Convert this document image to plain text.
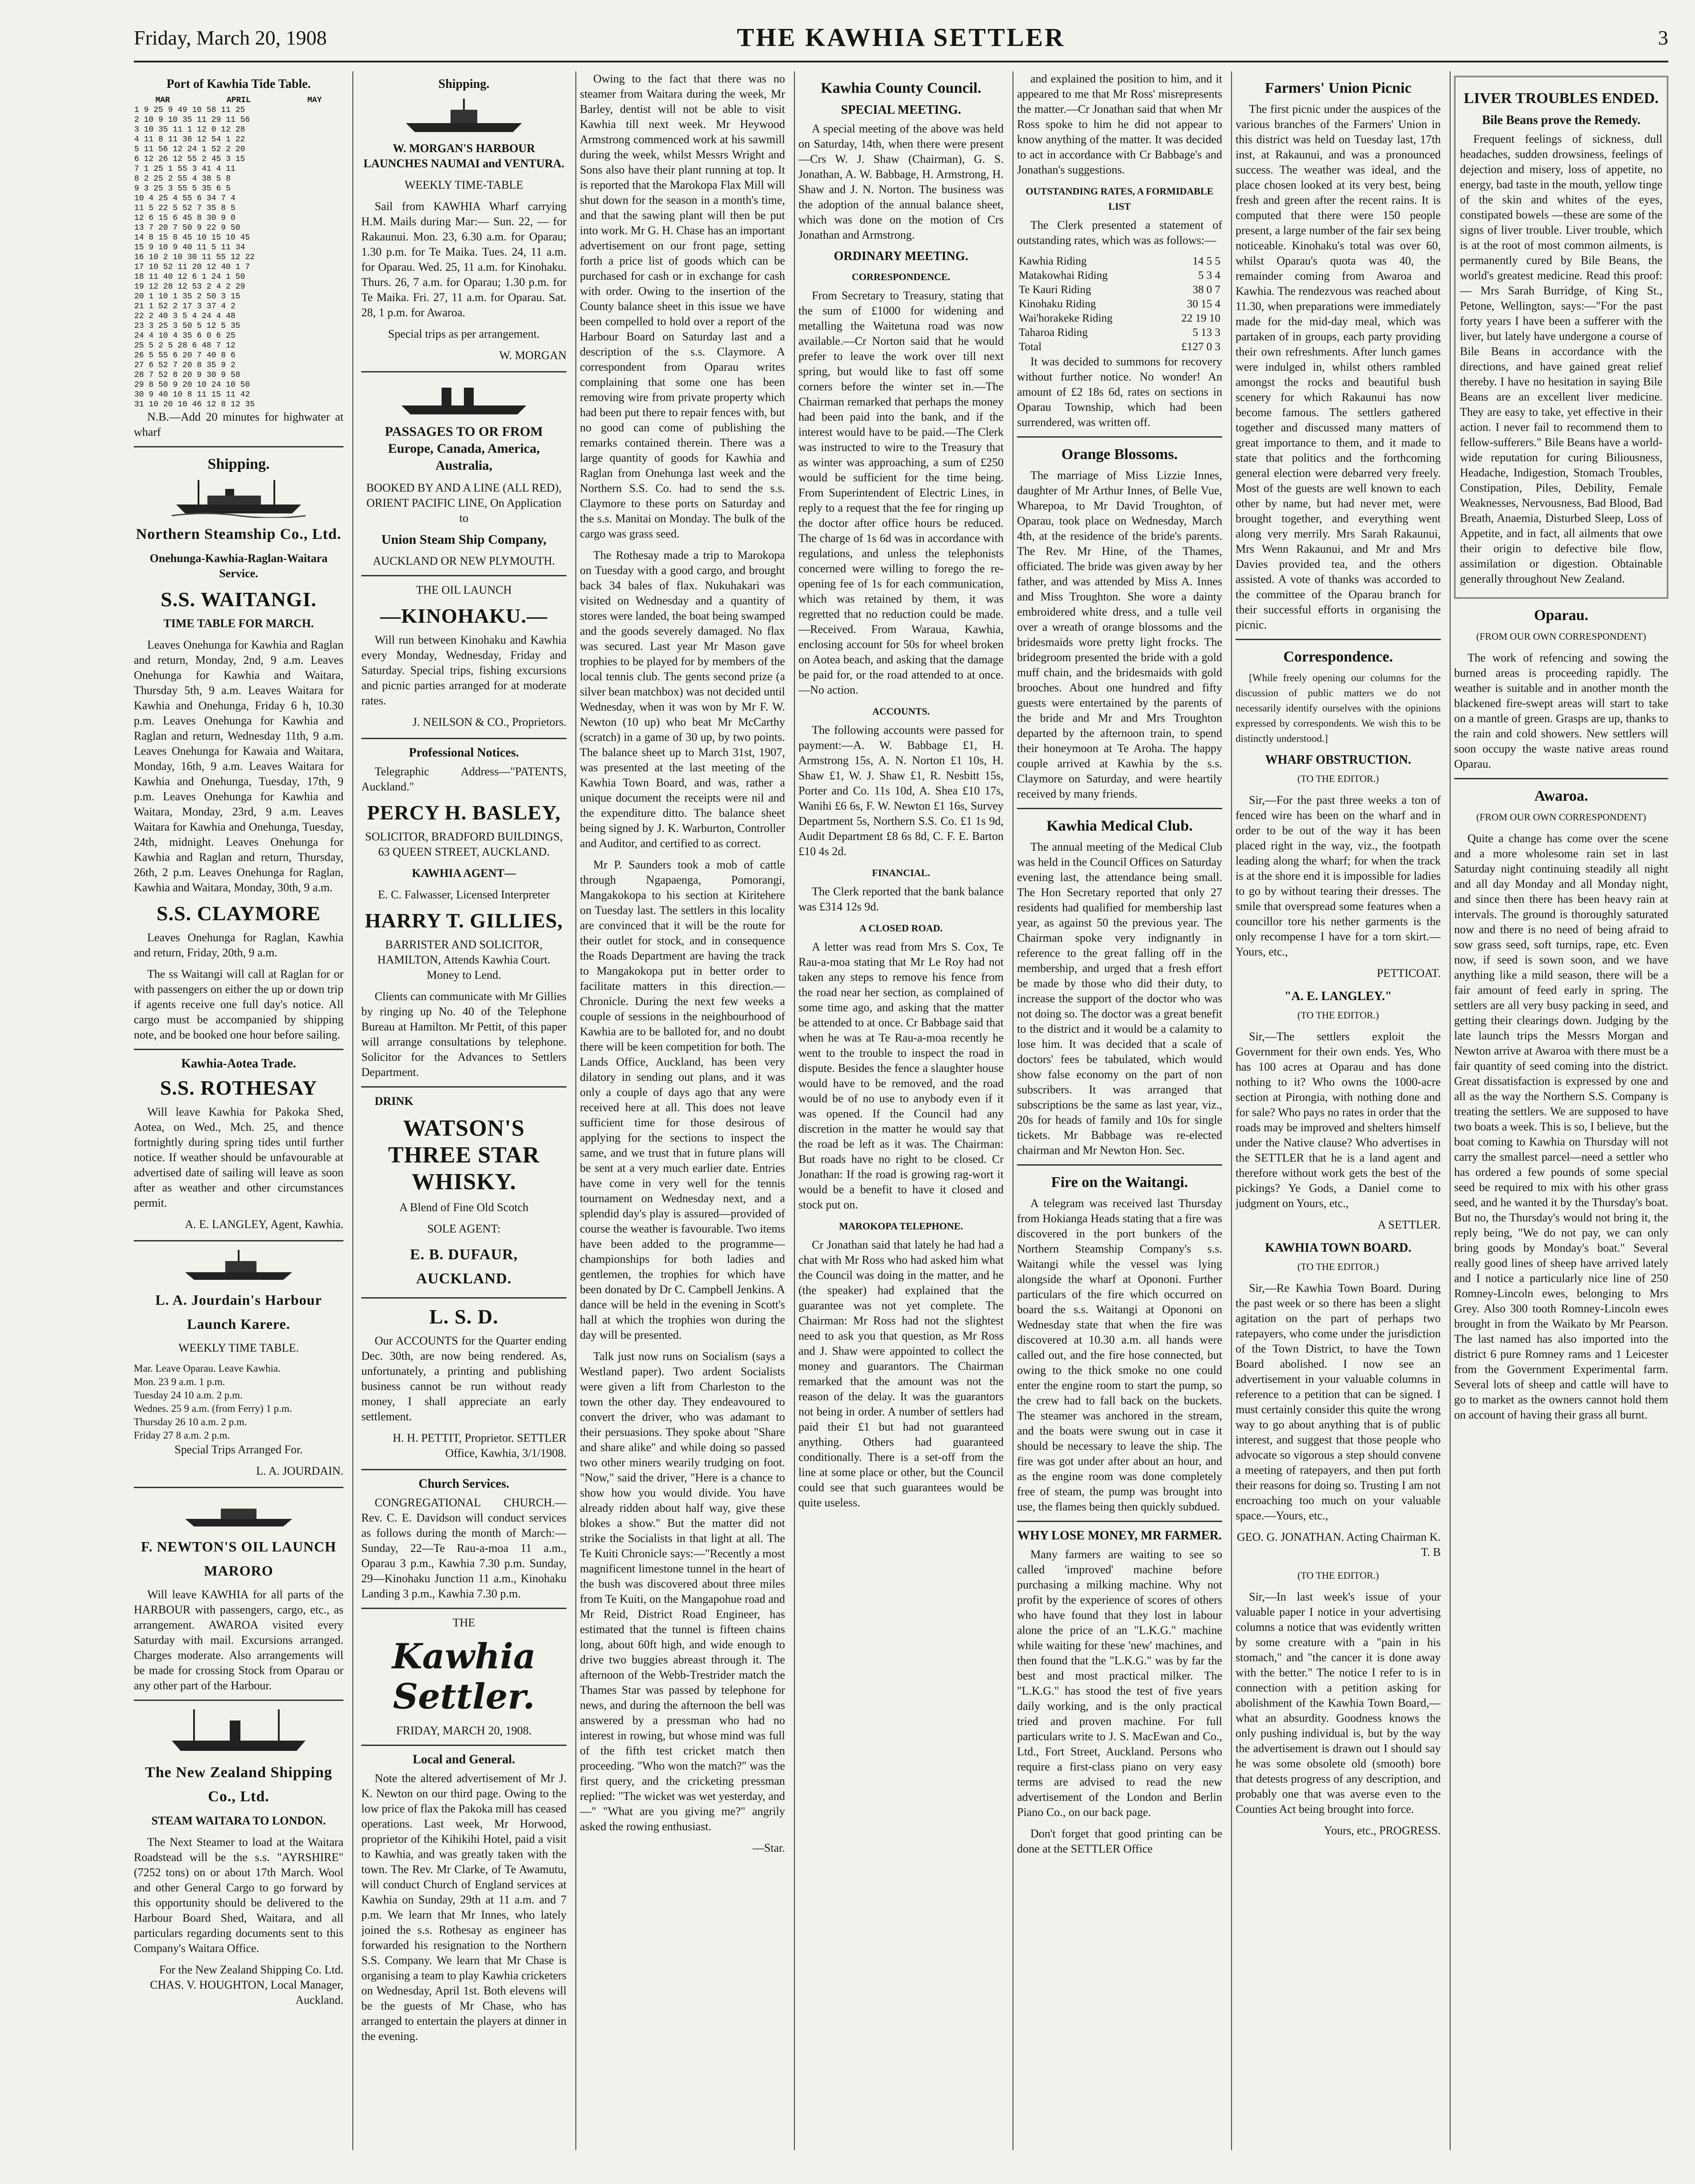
Friday, March 20, 1908	THE KAWHIA SETTLER	3
Port of Kawhia Tide Table.
MAR	APRIL	MAY
1 9 25 9 49 10 58 11 25
2 10 9 10 35 11 29 11 56
3 10 35 11 1 12 0 12 28
4 11 8 11 36 12 54 1 22
5 11 56 12 24 1 52 2 20
6 12 26 12 55 2 45 3 15
7 1 25 1 55 3 41 4 11
8 2 25 2 55 4 38 5 8
9 3 25 3 55 5 35 6 5
10 4 25 4 55 6 34 7 4
11 5 22 5 52 7 35 8 5
12 6 15 6 45 8 30 9 0
13 7 20 7 50 9 22 9 50
14 8 15 8 45 10 15 10 45
15 9 10 9 40 11 5 11 34
16 10 2 10 30 11 55 12 22
17 10 52 11 20 12 40 1 7
18 11 40 12 6 1 24 1 50
19 12 28 12 53 2 4 2 29
20 1 10 1 35 2 50 3 15
21 1 52 2 17 3 37 4 2
22 2 40 3 5 4 24 4 48
23 3 25 3 50 5 12 5 35
24 4 10 4 35 6 0 6 25
25 5 2 5 28 6 48 7 12
26 5 55 6 20 7 40 8 6
27 6 52 7 20 8 35 9 2
28 7 52 8 20 9 30 9 58
29 8 50 9 20 10 24 10 50
30 9 40 10 8 11 15 11 42
31 10 20 10 46 12 8 12 35
N.B.—Add 20 minutes for highwater at wharf
Shipping.
Northern Steamship Co., Ltd.
Onehunga-Kawhia-Raglan-Waitara Service.
S.S. WAITANGI.
TIME TABLE FOR MARCH.
Leaves Onehunga for Kawhia and Raglan and return, Monday, 2nd, 9 a.m. Leaves Onehunga for Kawhia and Waitara, Thursday 5th, 9 a.m. Leaves Waitara for Kawhia and Onehunga, Friday 6 h, 10.30 p.m. Leaves Onehunga for Kawhia and Raglan and return, Wednesday 11th, 9 a.m. Leaves Onehunga for Kawaia and Waitara, Monday, 16th, 9 a.m. Leaves Waitara for Kawhia and Onehunga, Tuesday, 17th, 9 p.m. Leaves Onehunga for Kawhia and Waitara, Monday, 23rd, 9 a.m. Leaves Waitara for Kawhia and Onehunga, Tuesday, 24th, midnight. Leaves Onehunga for Kawhia and Raglan and return, Thursday, 26th, 2 p.m. Leaves Onehunga for Raglan, Kawhia and Waitara, Monday, 30th, 9 a.m.
S.S. CLAYMORE
Leaves Onehunga for Raglan, Kawhia and return, Friday, 20th, 9 a.m.
The ss Waitangi will call at Raglan for or with passengers on either the up or down trip if agents receive one full day's notice. All cargo must be accompanied by shipping note, and be booked one hour before sailing.
Kawhia-Aotea Trade.
S.S. ROTHESAY
Will leave Kawhia for Pakoka Shed, Aotea, on Wed., Mch. 25, and thence fortnightly during spring tides until further notice. If weather should be unfavourable at advertised date of sailing will leave as soon after as weather and other circumstances permit.
A. E. LANGLEY, Agent, Kawhia.
L. A. Jourdain's Harbour Launch Karere.
WEEKLY TIME TABLE.
Mar. Leave Oparau. Leave Kawhia.
Mon. 23 9 a.m. 1 p.m.
Tuesday 24 10 a.m. 2 p.m.
Wednes. 25 9 a.m. (from Ferry) 1 p.m.
Thursday 26 10 a.m. 2 p.m.
Friday 27 8 a.m. 2 p.m.
Special Trips Arranged For.
L. A. JOURDAIN.
F. NEWTON'S OIL LAUNCH MARORO
Will leave KAWHIA for all parts of the HARBOUR with passengers, cargo, etc., as arrangement. AWAROA visited every Saturday with mail. Excursions arranged. Charges moderate. Also arrangements will be made for crossing Stock from Oparau or any other part of the Harbour.
The New Zealand Shipping Co., Ltd.
STEAM WAITARA TO LONDON.
The Next Steamer to load at the Waitara Roadstead will be the s.s. "AYRSHIRE" (7252 tons) on or about 17th March. Wool and other General Cargo to go forward by this opportunity should be delivered to the Harbour Board Shed, Waitara, and all particulars regarding documents sent to this Company's Waitara Office.
For the New Zealand Shipping Co. Ltd. CHAS. V. HOUGHTON, Local Manager, Auckland.
Shipping.
W. MORGAN'S HARBOUR LAUNCHES NAUMAI and VENTURA.
WEEKLY TIME-TABLE
Sail from KAWHIA Wharf carrying H.M. Mails during Mar:— Sun. 22, — for Rakaunui. Mon. 23, 6.30 a.m. for Oparau; 1.30 p.m. for Te Maika. Tues. 24, 11 a.m. for Oparau. Wed. 25, 11 a.m. for Kinohaku. Thurs. 26, 7 a.m. for Oparau; 1.30 p.m. for Te Maika. Fri. 27, 11 a.m. for Oparau. Sat. 28, 1 p.m. for Awaroa.
Special trips as per arrangement.
W. MORGAN
PASSAGES TO OR FROM Europe, Canada, America, Australia,
BOOKED BY AND A LINE (ALL RED), ORIENT PACIFIC LINE, On Application to
Union Steam Ship Company,
AUCKLAND OR NEW PLYMOUTH.
THE OIL LAUNCH
—KINOHAKU.—
Will run between Kinohaku and Kawhia every Monday, Wednesday, Friday and Saturday. Special trips, fishing excursions and picnic parties arranged for at moderate rates.
J. NEILSON & CO., Proprietors.
Professional Notices.
Telegraphic Address—"PATENTS, Auckland."
PERCY H. BASLEY,
SOLICITOR, BRADFORD BUILDINGS, 63 QUEEN STREET, AUCKLAND.
KAWHIA AGENT—
E. C. Falwasser, Licensed Interpreter
HARRY T. GILLIES,
BARRISTER AND SOLICITOR, HAMILTON, Attends Kawhia Court. Money to Lend.
Clients can communicate with Mr Gillies by ringing up No. 40 of the Telephone Bureau at Hamilton. Mr Pettit, of this paper will arrange consultations by telephone. Solicitor for the Advances to Settlers Department.
DRINK
WATSON'S THREE STAR WHISKY.
A Blend of Fine Old Scotch
SOLE AGENT:
E. B. DUFAUR, AUCKLAND.
L. S. D.
Our ACCOUNTS for the Quarter ending Dec. 30th, are now being rendered. As, unfortunately, a printing and publishing business cannot be run without ready money, I shall appreciate an early settlement.
H. H. PETTIT, Proprietor. SETTLER Office, Kawhia, 3/1/1908.
Church Services.
CONGREGATIONAL CHURCH.—Rev. C. E. Davidson will conduct services as follows during the month of March:— Sunday, 22—Te Rau-a-moa 11 a.m., Oparau 3 p.m., Kawhia 7.30 p.m. Sunday, 29—Kinohaku Junction 11 a.m., Kinohaku Landing 3 p.m., Kawhia 7.30 p.m.
THE
Kawhia Settler.
FRIDAY, MARCH 20, 1908.
Local and General.
Note the altered advertisement of Mr J. K. Newton on our third page. Owing to the low price of flax the Pakoka mill has ceased operations. Last week, Mr Horwood, proprietor of the Kihikihi Hotel, paid a visit to Kawhia, and was greatly taken with the town. The Rev. Mr Clarke, of Te Awamutu, will conduct Church of England services at Kawhia on Sunday, 29th at 11 a.m. and 7 p.m. We learn that Mr Innes, who lately joined the s.s. Rothesay as engineer has forwarded his resignation to the Northern S.S. Company. We learn that Mr Chase is organising a team to play Kawhia cricketers on Wednesday, April 1st. Both elevens will be the guests of Mr Chase, who has arranged to entertain the players at dinner in the evening.
Owing to the fact that there was no steamer from Waitara during the week, Mr Barley, dentist will not be able to visit Kawhia till next week. Mr Heywood Armstrong commenced work at his sawmill during the week, whilst Messrs Wright and Sons also have their plant running at top. It is reported that the Marokopa Flax Mill will shut down for the season in a month's time, and that the sawing plant will then be put into work. Mr G. H. Chase has an important advertisement on our front page, setting forth a price list of goods which can be purchased for cash or in exchange for cash with order. Owing to the insertion of the County balance sheet in this issue we have been compelled to hold over a report of the Harbour Board on Saturday last and a description of the s.s. Claymore. A correspondent from Oparau writes complaining that some one has been removing wire from private property which had been put there to repair fences with, but no good can come of publishing the remarks contained therein. There was a large quantity of goods for Kawhia and Raglan from Onehunga last week and the Northern S.S. Co. had to send the s.s. Claymore to these ports on Saturday and the s.s. Manitai on Monday. The bulk of the cargo was grass seed.
The Rothesay made a trip to Marokopa on Tuesday with a good cargo, and brought back 34 bales of flax. Nukuhakari was visited on Wednesday and a quantity of stores were landed, the boat being swamped and the goods severely damaged. No flax was secured. Last year Mr Mason gave trophies to be played for by members of the local tennis club. The gents second prize (a silver bean matchbox) was not decided until Wednesday, when it was won by Mr F. W. Newton (10 up) who beat Mr McCarthy (scratch) in a game of 30 up, by two points. The balance sheet up to March 31st, 1907, was presented at the last meeting of the Kawhia Town Board, and was, rather a unique document the receipts were nil and the expenditure ditto. The balance sheet being signed by J. K. Warburton, Controller and Auditor, and certified to as correct.
Mr P. Saunders took a mob of cattle through Ngapaenga, Pomorangi, Mangakokopa to his section at Kiritehere on Tuesday last. The settlers in this locality are convinced that it will be the route for their outlet for stock, and in consequence the Roads Department are having the track to Mangakokopa put in better order to facilitate matters in this direction.—Chronicle. During the next few weeks a couple of sessions in the neighbourhood of Kawhia are to be balloted for, and no doubt there will be keen competition for both. The Lands Office, Auckland, has been very dilatory in sending out plans, and it was only a couple of days ago that any were received here at all. This does not leave sufficient time for those desirous of applying for the sections to inspect the same, and we trust that in future plans will be sent at a very much earlier date. Entries have come in very well for the tennis tournament on Wednesday next, and a splendid day's play is assured—provided of course the weather is favourable. Two items have been added to the programme—championships for both ladies and gentlemen, the trophies for which have been donated by Dr C. Campbell Jenkins. A dance will be held in the evening in Scott's hall at which the trophies won during the day will be presented.
Talk just now runs on Socialism (says a Westland paper). Two ardent Socialists were given a lift from Charleston to the town the other day. They endeavoured to convert the driver, who was adamant to their persuasions. They spoke about "Share and share alike" and while doing so passed two other miners wearily trudging on foot. "Now," said the driver, "Here is a chance to show how you would divide. You have already ridden about half way, give these blokes a show." But the matter did not strike the Socialists in that light at all. The Te Kuiti Chronicle says:—"Recently a most magnificent limestone tunnel in the heart of the bush was discovered about three miles from Te Kuiti, on the Mangapohue road and Mr Reid, District Road Engineer, has estimated that the tunnel is fifteen chains long, about 60ft high, and wide enough to drive two buggies abreast through it. The afternoon of the Webb-Trestrider match the Thames Star was passed by telephone for news, and during the afternoon the bell was answered by a pressman who had no interest in rowing, but whose mind was full of the fifth test cricket match then proceeding. "Who won the match?" was the first query, and the cricketing pressman replied: "The wicket was wet yesterday, and—" "What are you giving me?" angrily asked the rowing enthusiast.
—Star.
Kawhia County Council.
SPECIAL MEETING.
A special meeting of the above was held on Saturday, 14th, when there were present—Crs W. J. Shaw (Chairman), G. S. Jonathan, A. W. Babbage, H. Armstrong, H. Shaw and J. N. Norton. The business was the adoption of the annual balance sheet, which was done on the motion of Crs Jonathan and Armstrong.
ORDINARY MEETING.
CORRESPONDENCE.
From Secretary to Treasury, stating that the sum of £1000 for widening and metalling the Waitetuna road was now available.—Cr Norton said that he would prefer to leave the work over till next spring, but would like to fast off some corners before the winter set in.—The Chairman remarked that perhaps the money had been paid into the bank, and if the interest would have to be paid.—The Clerk was instructed to wire to the Treasury that as winter was approaching, a sum of £250 would be sufficient for the time being. From Superintendent of Electric Lines, in reply to a request that the fee for ringing up the doctor after office hours be reduced. The charge of 1s 6d was in accordance with regulations, and unless the telephonists concerned were willing to forego the re-opening fee of 1s for each communication, which was retained by them, it was regretted that no reduction could be made.—Received. From Waraua, Kawhia, enclosing account for 50s for wheel broken on Aotea beach, and asking that the damage be paid for, or the road attended to at once.—No action.
ACCOUNTS.
The following accounts were passed for payment:—A. W. Babbage £1, H. Armstrong 15s, A. N. Norton £1 10s, H. Shaw £1, W. J. Shaw £1, R. Nesbitt 15s, Porter and Co. 11s 10d, A. Shea £10 17s, Wanihi £6 6s, F. W. Newton £1 16s, Survey Department 5s, Northern S.S. Co. £1 1s 9d, Audit Department £8 6s 8d, C. F. E. Barton £10 4s 2d.
FINANCIAL.
The Clerk reported that the bank balance was £314 12s 9d.
A CLOSED ROAD.
A letter was read from Mrs S. Cox, Te Rau-a-moa stating that Mr Le Roy had not taken any steps to remove his fence from the road near her section, as complained of some time ago, and asking that the matter be attended to at once. Cr Babbage said that when he was at Te Rau-a-moa recently he went to the trouble to inspect the road in dispute. Besides the fence a slaughter house would have to be removed, and the road would be of no use to anybody even if it was opened. If the Council had any discretion in the matter he would say that the road be left as it was. The Chairman: But roads have no right to be closed. Cr Jonathan: If the road is growing rag-wort it would be a benefit to have it closed and stock put on.
MAROKOPA TELEPHONE.
Cr Jonathan said that lately he had had a chat with Mr Ross who had asked him what the Council was doing in the matter, and he (the speaker) had explained that the guarantee was not yet complete. The Chairman: Mr Ross had not the slightest need to ask you that question, as Mr Ross and J. Shaw were appointed to collect the money and guarantors. The Chairman remarked that the amount was not the reason of the delay. It was the guarantors not being in order. A number of settlers had paid their £1 but had not guaranteed anything. Others had guaranteed conditionally. There is a set-off from the line at some place or other, but the Council could see that such guarantees would be quite useless.
and explained the position to him, and it appeared to me that Mr Ross' misrepresents the matter.—Cr Jonathan said that when Mr Ross spoke to him he did not appear to know anything of the matter. It was decided to act in accordance with Cr Babbage's and Jonathan's suggestions.
OUTSTANDING RATES, A FORMIDABLE LIST
The Clerk presented a statement of outstanding rates, which was as follows:—
Kawhia Riding	14 5 5
Matakowhai Riding	5 3 4
Te Kauri Riding	38 0 7
Kinohaku Riding	30 15 4
Wai'horakeke Riding	22 19 10
Taharoa Riding	5 13 3
Total	£127 0 3
It was decided to summons for recovery without further notice. No wonder! An amount of £2 18s 6d, rates on sections in Oparau Township, which had been surrendered, was written off.
Orange Blossoms.
The marriage of Miss Lizzie Innes, daughter of Mr Arthur Innes, of Belle Vue, Wharepoa, to Mr David Troughton, of Oparau, took place on Wednesday, March 4th, at the residence of the bride's parents. The Rev. Mr Hine, of the Thames, officiated. The bride was given away by her father, and was attended by Miss A. Innes and Miss Troughton. She wore a dainty embroidered white dress, and a tulle veil over a wreath of orange blossoms and the bridesmaids wore pretty light frocks. The bridegroom presented the bride with a gold muff chain, and the bridesmaids with gold brooches. About one hundred and fifty guests were entertained by the parents of the bride and Mr and Mrs Troughton departed by the afternoon train, to spend their honeymoon at Te Aroha. The happy couple arrived at Kawhia by the s.s. Claymore on Saturday, and were heartily received by many friends.
Kawhia Medical Club.
The annual meeting of the Medical Club was held in the Council Offices on Saturday evening last, the attendance being small. The Hon Secretary reported that only 27 residents had qualified for membership last year, as against 50 the previous year. The Chairman spoke very indignantly in reference to the great falling off in the membership, and urged that a fresh effort be made by those who did their duty, to increase the support of the doctor who was not doing so. The doctor was a great benefit to the district and it would be a calamity to lose him. It was decided that a scale of doctors' fees be tabulated, which would show false economy on the part of non subscribers. It was arranged that subscriptions be the same as last year, viz., 20s for heads of family and 10s for single tickets. Mr Babbage was re-elected chairman and Mr Newton Hon. Sec.
Fire on the Waitangi.
A telegram was received last Thursday from Hokianga Heads stating that a fire was discovered in the port bunkers of the Northern Steamship Company's s.s. Waitangi while the vessel was lying alongside the wharf at Opononi. Further particulars of the fire which occurred on board the s.s. Waitangi at Opononi on Wednesday state that when the fire was discovered at 10.30 a.m. all hands were called out, and the fire hose connected, but owing to the thick smoke no one could enter the engine room to start the pump, so the crew had to fall back on the buckets. The steamer was anchored in the stream, and the boats were swung out in case it should be necessary to leave the ship. The fire was got under after about an hour, and as the engine room was done completely free of steam, the pump was brought into use, the flames being then quickly subdued.
WHY LOSE MONEY, MR FARMER.
Many farmers are waiting to see so called 'improved' machine before purchasing a milking machine. Why not profit by the experience of scores of others who have found that they lost in labour alone the price of an "L.K.G." machine while waiting for these 'new' machines, and then found that the "L.K.G." was by far the best and most practical milker. The "L.K.G." has stood the test of five years daily working, and is the only practical tried and proven machine. For full particulars write to J. S. MacEwan and Co., Ltd., Fort Street, Auckland. Persons who require a first-class piano on very easy terms are advised to read the new advertisement of the London and Berlin Piano Co., on our back page.
Don't forget that good printing can be done at the SETTLER Office
Farmers' Union Picnic
The first picnic under the auspices of the various branches of the Farmers' Union in this district was held on Tuesday last, 17th inst, at Rakaunui, and was a pronounced success. The weather was ideal, and the place chosen looked at its very best, being fresh and green after the recent rains. It is computed that there were 150 people present, a large number of the fair sex being noticeable. Kinohaku's total was over 60, whilst Oparau's quota was 40, the remainder coming from Awaroa and Kawhia. The rendezvous was reached about 11.30, when preparations were immediately made for the mid-day meal, which was partaken of in groups, each party providing their own refreshments. After lunch games were indulged in, whilst others rambled amongst the rocks and beautiful bush scenery for which Rakaunui has now become famous. The settlers gathered together and discussed many matters of great importance to them, and it made to state that politics and the forthcoming general election were debarred very freely. Most of the guests are well known to each other by name, but had never met, were brought together, and everything went along very merrily. Mrs Sarah Rakaunui, Mrs Wenn Rakaunui, and Mr and Mrs Davies provided tea, and the others assisted. A vote of thanks was accorded to the committee of the Oparau branch for their successful efforts in organising the picnic.
Correspondence.
[While freely opening our columns for the discussion of public matters we do not necessarily identify ourselves with the opinions expressed by correspondents. We wish this to be distinctly understood.]
WHARF OBSTRUCTION.
(TO THE EDITOR.)
Sir,—For the past three weeks a ton of fenced wire has been on the wharf and in order to be out of the way it has been placed right in the way, viz., the footpath leading along the wharf; for when the track is at the shore end it is impossible for ladies to go by without tearing their dresses. The smile that overspread some features when a councillor tore his nether garments is the only recompense I have for a torn skirt.—Yours, etc.,
PETTICOAT.
"A. E. LANGLEY."
(TO THE EDITOR.)
Sir,—The settlers exploit the Government for their own ends. Yes, Who has 100 acres at Oparau and has done nothing to it? Who owns the 1000-acre section at Pirongia, with nothing done and for sale? Who pays no rates in order that the roads may be improved and shelters himself under the Native clause? Who advertises in the SETTLER that he is a land agent and therefore without work gets the best of the pickings? Ye Gods, a Daniel come to judgment on Yours, etc.,
A SETTLER.
KAWHIA TOWN BOARD.
(TO THE EDITOR.)
Sir,—Re Kawhia Town Board. During the past week or so there has been a slight agitation on the part of perhaps two ratepayers, who come under the jurisdiction of the Town District, to have the Town Board abolished. I now see an advertisement in your valuable columns in reference to a petition that can be signed. I must certainly consider this quite the wrong way to go about anything that is of public interest, and suggest that those people who advocate so vigorous a step should convene a meeting of ratepayers, and then put forth their reasons for doing so. Trusting I am not encroaching too much on your valuable space.—Yours, etc.,
GEO. G. JONATHAN. Acting Chairman K. T. B
(TO THE EDITOR.)
Sir,—In last week's issue of your valuable paper I notice in your advertising columns a notice that was evidently written by some creature with a "pain in his stomach," and "the cancer it is done away with the better." The notice I refer to is in connection with a petition asking for abolishment of the Kawhia Town Board,—what an absurdity. Goodness knows the only pushing individual is, but by the way the advertisement is drawn out I should say he was some obsolete old (smooth) bore that detests progress of any description, and probably one that was averse even to the Counties Act being brought into force.
Yours, etc., PROGRESS.
LIVER TROUBLES ENDED.
Bile Beans prove the Remedy.
Frequent feelings of sickness, dull headaches, sudden drowsiness, feelings of dejection and misery, loss of appetite, no energy, bad taste in the mouth, yellow tinge of the skin and whites of the eyes, constipated bowels —these are some of the signs of liver trouble. Liver trouble, which is at the root of most common ailments, is permanently cured by Bile Beans, the world's greatest medicine. Read this proof:— Mrs Sarah Burridge, of King St., Petone, Wellington, says:—"For the past forty years I have been a sufferer with the liver, but lately have undergone a course of Bile Beans in accordance with the directions, and have gained great relief thereby. I have no hesitation in saying Bile Beans are an excellent liver medicine. They are easy to take, yet effective in their action. I never fail to recommend them to fellow-sufferers." Bile Beans have a world-wide reputation for curing Biliousness, Headache, Indigestion, Stomach Troubles, Constipation, Piles, Debility, Female Weaknesses, Nervousness, Bad Blood, Bad Breath, Anaemia, Disturbed Sleep, Loss of Appetite, and in fact, all ailments that owe their origin to defective bile flow, assimilation or digestion. Obtainable generally throughout New Zealand.
Oparau.
(FROM OUR OWN CORRESPONDENT)
The work of refencing and sowing the burned areas is proceeding rapidly. The weather is suitable and in another month the blackened fire-swept areas will start to take on a mantle of green. Grasps are up, thanks to the rain and cold showers. New settlers will soon occupy the waste native areas round Oparau.
Awaroa.
(FROM OUR OWN CORRESPONDENT)
Quite a change has come over the scene and a more wholesome rain set in last Saturday night continuing steadily all night and all day Monday and all Monday night, and since then there has been heavy rain at intervals. The ground is thoroughly saturated now and there is no need of being afraid to sow grass seed, soft turnips, rape, etc. Even now, if seed is sown soon, and we have anything like a mild season, there will be a fair amount of feed early in spring. The settlers are all very busy packing in seed, and getting their clearings down. Judging by the late launch trips the Messrs Morgan and Newton arrive at Awaroa with there must be a fair quantity of seed coming into the district. Great dissatisfaction is expressed by one and all as the way the Northern S.S. Company is treating the settlers. We are supposed to have two boats a week. This is so, I believe, but the boat coming to Kawhia on Thursday will not carry the smallest parcel—need a settler who has ordered a few pounds of some special seed be required to mix with his other grass seed, and he wanted it by the Thursday's boat. But no, the Thursday's would not bring it, the reply being, "We do not pay, we can only bring goods by Monday's boat." Several really good lines of sheep have arrived lately and I notice a particularly nice line of 250 Romney-Lincoln ewes, belonging to Mrs Grey. Also 300 tooth Romney-Lincoln ewes brought in from the Waikato by Mr Pearson. The last named has also imported into the district 6 pure Romney rams and 1 Leicester from the Government Experimental farm. Several lots of sheep and cattle will have to go to market as the owners cannot hold them on account of having their grass all burnt.
